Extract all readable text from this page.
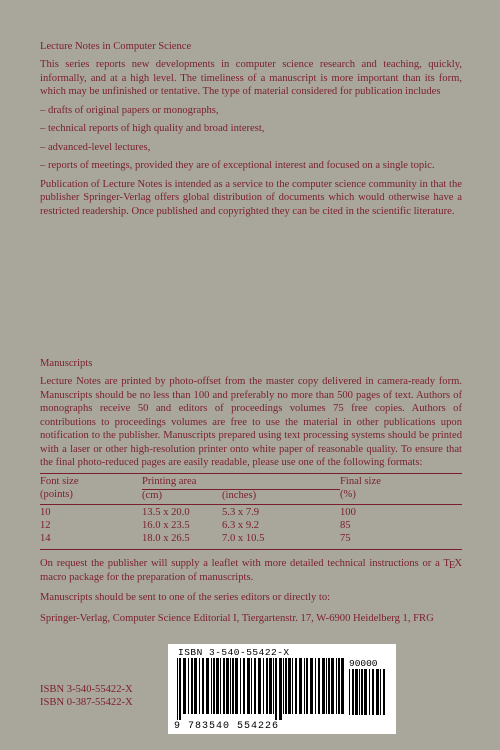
Lecture Notes in Computer Science

This series reports new developments in computer science research and teaching, quickly, informally, and at a high level. The timeliness of a manuscript is more important than its form, which may be unfinished or tentative. The type of material considered for publication includes

– drafts of original papers or monographs,

– technical reports of high quality and broad interest,

– advanced-level lectures,

– reports of meetings, provided they are of exceptional interest and focused on a single topic.

Publication of Lecture Notes is intended as a service to the computer science community in that the publisher Springer-Verlag offers global distribution of documents which would otherwise have a restricted readership. Once published and copyrighted they can be cited in the scientific literature.

Manuscripts

Lecture Notes are printed by photo-offset from the master copy delivered in camera-ready form. Manuscripts should be no less than 100 and preferably no more than 500 pages of text. Authors of monographs receive 50 and editors of proceedings volumes 75 free copies. Authors of contributions to proceedings volumes are free to use the material in other publications upon notification to the publisher. Manuscripts prepared using text processing systems should be printed with a laser or other high-resolution printer onto white paper of reasonable quality. To ensure that the final photo-reduced pages are easily readable, please use one of the following formats:

Font size	Printing area		Final size
(points)	(cm)	(inches)	(%)
10	13.5 x 20.0	5.3 x 7.9	100
12	16.0 x 23.5	6.3 x 9.2	85
14	18.0 x 26.5	7.0 x 10.5	75

On request the publisher will supply a leaflet with more detailed technical instructions or a TEX macro package for the preparation of manuscripts.

Manuscripts should be sent to one of the series editors or directly to:

Springer-Verlag, Computer Science Editorial I, Tiergartenstr. 17, W-6900 Heidelberg 1, FRG

ISBN 3-540-55422-X
ISBN 0-387-55422-X
ISBN 3-540-55422-X
90000
9 783540 554226
